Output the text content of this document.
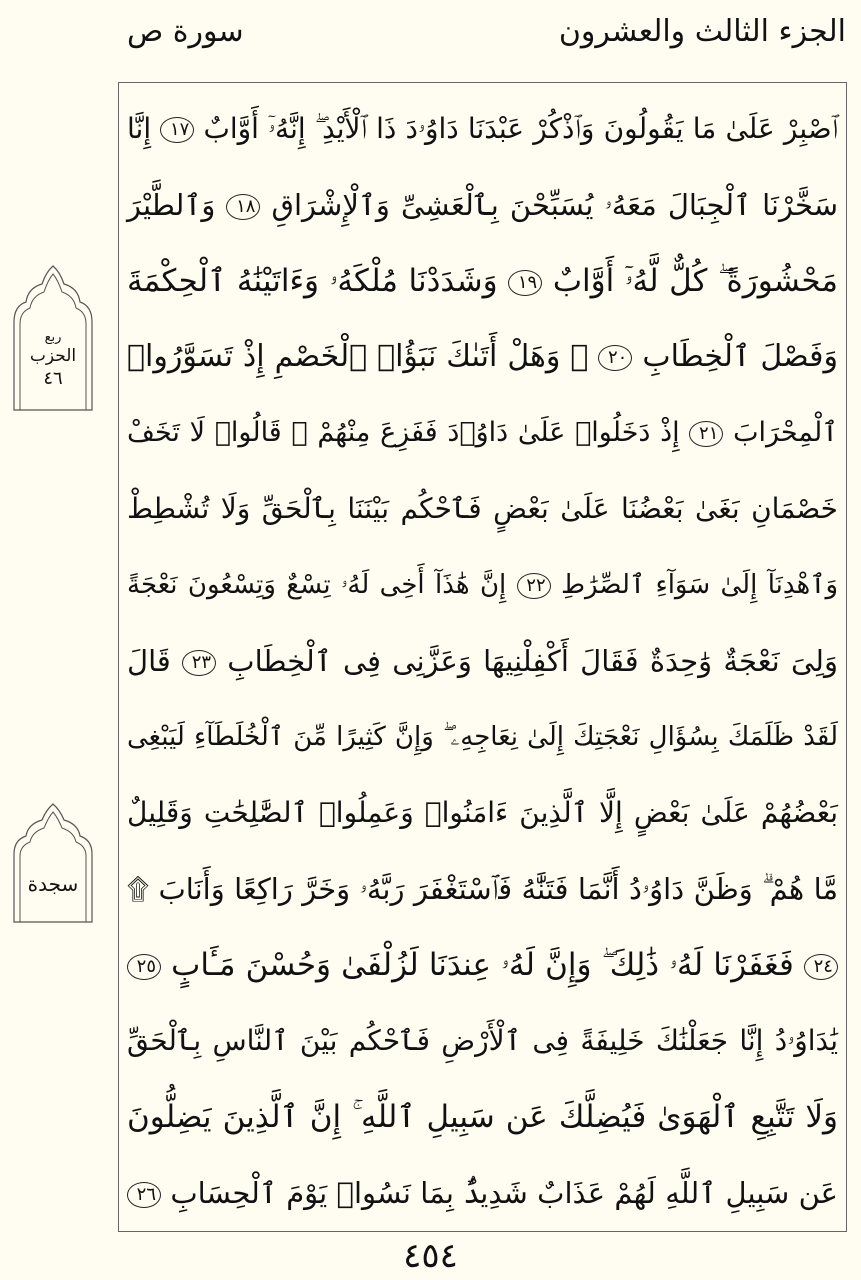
الجزء الثالث والعشرون
سورة ص
ربع
الحزب
٤٦
سجدة
ٱصْبِرْ عَلَىٰ مَا يَقُولُونَ وَٱذْكُرْ عَبْدَنَا دَاوُۥدَ ذَا ٱلْأَيْدِ ۖ إِنَّهُۥٓ أَوَّابٌ ١٧ إِنَّا
سَخَّرْنَا ٱلْجِبَالَ مَعَهُۥ يُسَبِّحْنَ بِٱلْعَشِىِّ وَٱلْإِشْرَاقِ ١٨ وَٱلطَّيْرَ
مَحْشُورَةً ۖ كُلٌّ لَّهُۥٓ أَوَّابٌ ١٩ وَشَدَدْنَا مُلْكَهُۥ وَءَاتَيْنَٰهُ ٱلْحِكْمَةَ
وَفَصْلَ ٱلْخِطَابِ ٢٠ ۞ وَهَلْ أَتَىٰكَ نَبَؤُا۟ ٱلْخَصْمِ إِذْ تَسَوَّرُوا۟
ٱلْمِحْرَابَ ٢١ إِذْ دَخَلُوا۟ عَلَىٰ دَاوُۥدَ فَفَزِعَ مِنْهُمْ ۖ قَالُوا۟ لَا تَخَفْ
خَصْمَانِ بَغَىٰ بَعْضُنَا عَلَىٰ بَعْضٍ فَٱحْكُم بَيْنَنَا بِٱلْحَقِّ وَلَا تُشْطِطْ
وَٱهْدِنَآ إِلَىٰ سَوَآءِ ٱلصِّرَٰطِ ٢٢ إِنَّ هَٰذَآ أَخِى لَهُۥ تِسْعٌ وَتِسْعُونَ نَعْجَةً
وَلِىَ نَعْجَةٌ وَٰحِدَةٌ فَقَالَ أَكْفِلْنِيهَا وَعَزَّنِى فِى ٱلْخِطَابِ ٢٣ قَالَ
لَقَدْ ظَلَمَكَ بِسُؤَالِ نَعْجَتِكَ إِلَىٰ نِعَاجِهِۦ ۖ وَإِنَّ كَثِيرًا مِّنَ ٱلْخُلَطَآءِ لَيَبْغِى
بَعْضُهُمْ عَلَىٰ بَعْضٍ إِلَّا ٱلَّذِينَ ءَامَنُوا۟ وَعَمِلُوا۟ ٱلصَّٰلِحَٰتِ وَقَلِيلٌ
مَّا هُمْ ۗ وَظَنَّ دَاوُۥدُ أَنَّمَا فَتَنَّٰهُ فَٱسْتَغْفَرَ رَبَّهُۥ وَخَرَّ رَاكِعًا وَأَنَابَ ۩
٢٤ فَغَفَرْنَا لَهُۥ ذَٰلِكَ ۖ وَإِنَّ لَهُۥ عِندَنَا لَزُلْفَىٰ وَحُسْنَ مَـَٔابٍ ٢٥
يَٰدَاوُۥدُ إِنَّا جَعَلْنَٰكَ خَلِيفَةً فِى ٱلْأَرْضِ فَٱحْكُم بَيْنَ ٱلنَّاسِ بِٱلْحَقِّ
وَلَا تَتَّبِعِ ٱلْهَوَىٰ فَيُضِلَّكَ عَن سَبِيلِ ٱللَّهِ ۚ إِنَّ ٱلَّذِينَ يَضِلُّونَ
عَن سَبِيلِ ٱللَّهِ لَهُمْ عَذَابٌ شَدِيدٌۢ بِمَا نَسُوا۟ يَوْمَ ٱلْحِسَابِ ٢٦
٤٥٤
